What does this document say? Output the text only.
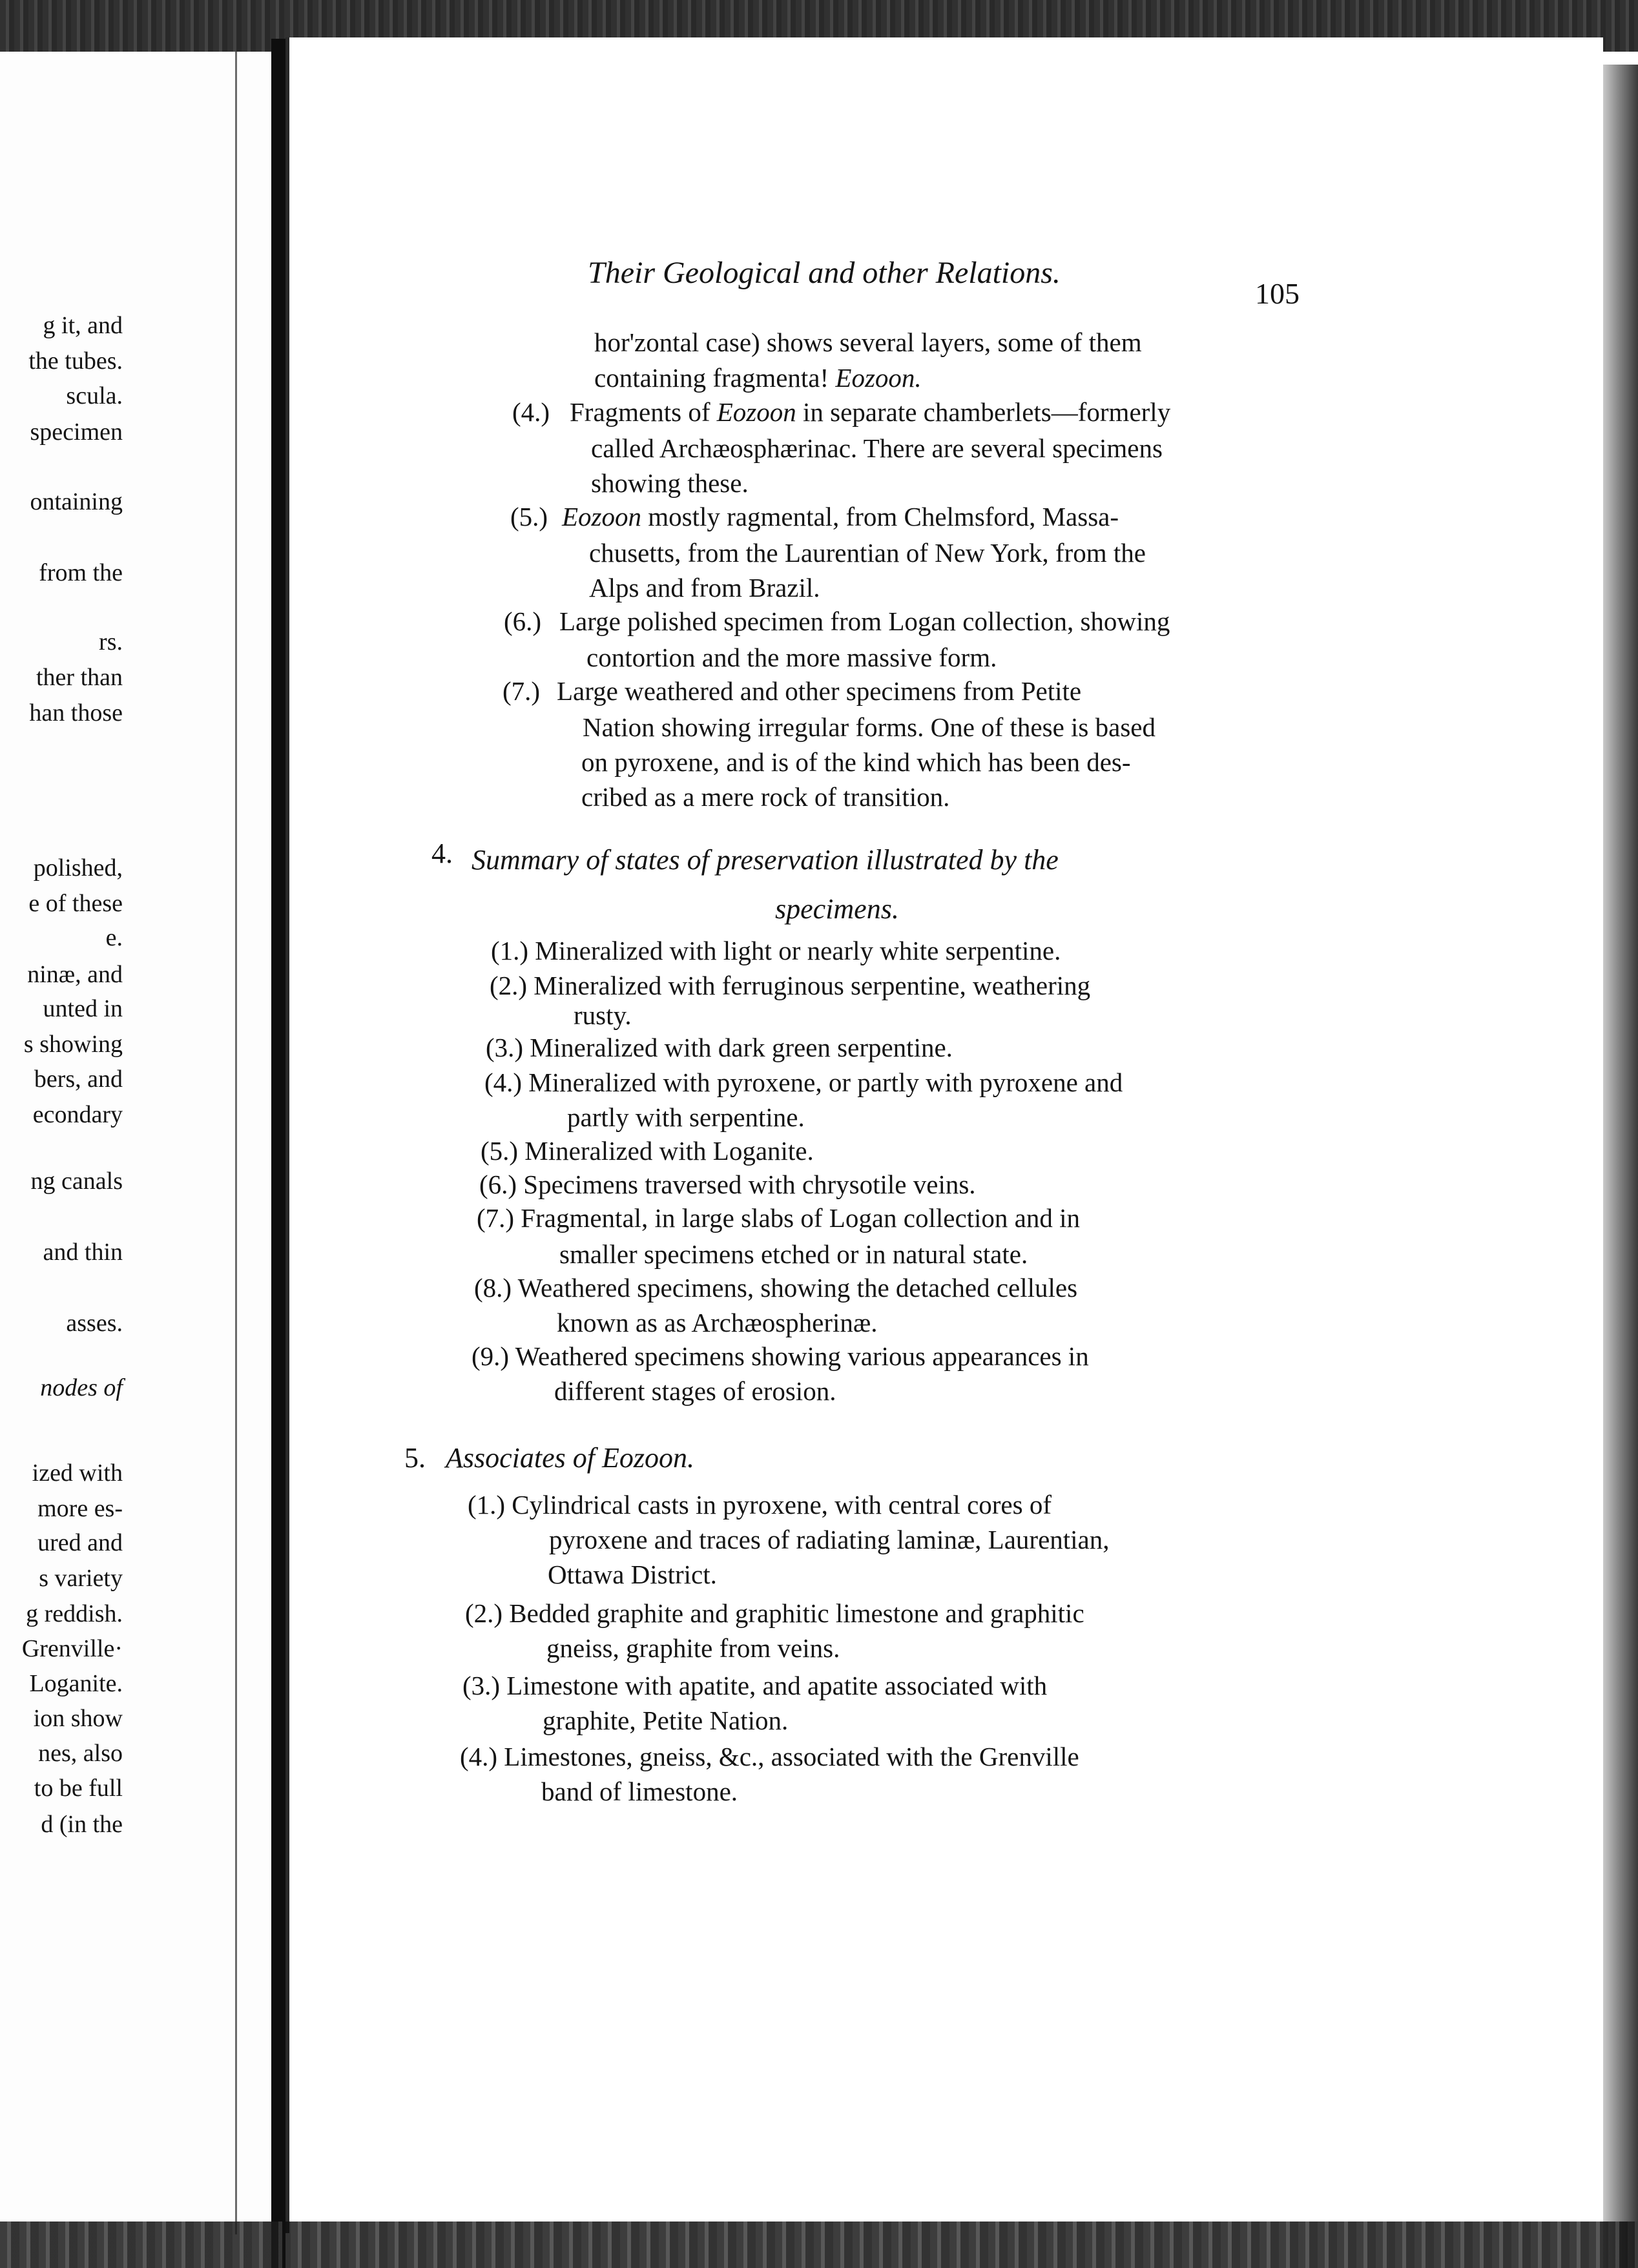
g it, and
the tubes.
scula.
specimen
ontaining
from the
rs.
ther than
han those
polished,
e of these
e.
ninæ, and
unted in
s showing
bers, and
econdary
ng canals
and thin
asses.
nodes of
ized with
more es-
ured and
s variety
g reddish.
Grenville·
Loganite.
ion show
nes, also
to be full
d (in the
Their Geological and other Relations.
105
hor'zontal case) shows several layers, some of them
containing fragmenta! Eozoon.
(4.) Fragments of Eozoon in separate chamberlets—formerly
called Archæosphærinac. There are several specimens
showing these.
(5.) Eozoon mostly ragmental, from Chelmsford, Massa-
chusetts, from the Laurentian of New York, from the
Alps and from Brazil.
(6.) Large polished specimen from Logan collection, showing
contortion and the more massive form.
(7.) Large weathered and other specimens from Petite
Nation showing irregular forms. One of these is based
on pyroxene, and is of the kind which has been des-
cribed as a mere rock of transition.
4. Summary of states of preservation illustrated by the
specimens.
(1.) Mineralized with light or nearly white serpentine.
(2.) Mineralized with ferruginous serpentine, weathering
rusty.
(3.) Mineralized with dark green serpentine.
(4.) Mineralized with pyroxene, or partly with pyroxene and
partly with serpentine.
(5.) Mineralized with Loganite.
(6.) Specimens traversed with chrysotile veins.
(7.) Fragmental, in large slabs of Logan collection and in
smaller specimens etched or in natural state.
(8.) Weathered specimens, showing the detached cellules
known as as Archæospherinæ.
(9.) Weathered specimens showing various appearances in
different stages of erosion.
5. Associates of Eozoon.
(1.) Cylindrical casts in pyroxene, with central cores of
pyroxene and traces of radiating laminæ, Laurentian,
Ottawa District.
(2.) Bedded graphite and graphitic limestone and graphitic
gneiss, graphite from veins.
(3.) Limestone with apatite, and apatite associated with
graphite, Petite Nation.
(4.) Limestones, gneiss, &c., associated with the Grenville
band of limestone.
